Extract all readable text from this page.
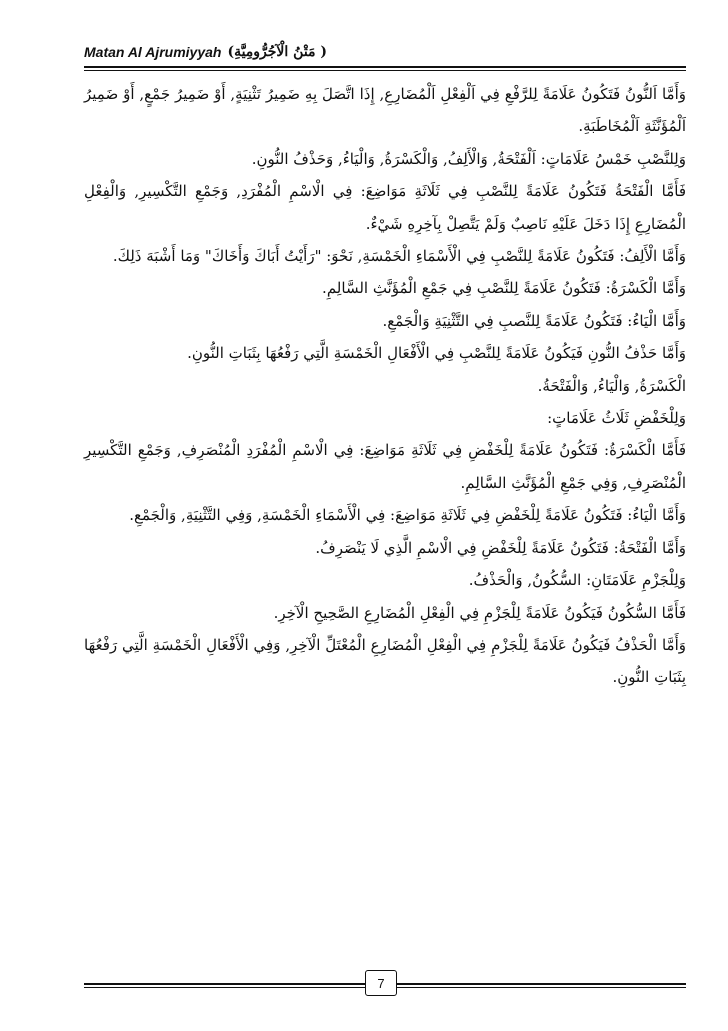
Matan Al Ajrumiyyah (مَتْنُ الْآجُرُّومِيَّةِ )

وَأَمَّا اَلنُّونُ فَتَكُونُ عَلَامَةً لِلرَّفْعِ فِي اَلْفِعْلِ اَلْمُضَارِعِ, إِذَا اتَّصَلَ بِهِ ضَمِيرُ تَثْنِيَةٍ, أَوْ ضَمِيرُ جَمْعٍ, أَوْ ضَمِيرُ اَلْمُؤَنَّثَةِ اَلْمُخَاطَبَةِ.

وَلِلنَّصْبِ خَمْسُ عَلَامَاتٍ: اَلْفَتْحَةُ, وَالْأَلِفُ, وَالْكَسْرَةُ, وَالْيَاءُ, وَحَذْفُ النُّونِ.

فَأَمَّا الْفَتْحَةُ فَتَكُونُ عَلَامَةً لِلنَّصْبِ فِي ثَلَاثَةِ مَوَاضِعَ: فِي الْاسْمِ الْمُفْرَدِ, وَجَمْعِ التَّكْسِيرِ, وَالْفِعْلِ الْمُضَارِعِ إِذَا دَخَلَ عَلَيْهِ نَاصِبٌ وَلَمْ يَتَّصِلْ بِآخِرِهِ شَيْءٌ.

وَأَمَّا الْأَلِفُ: فَتَكُونُ عَلَامَةً لِلنَّصْبِ فِي الْأَسْمَاءِ الْخَمْسَةِ, نَحْوَ: "رَأَيْتُ أَبَاكَ وَأَخَاكَ" وَمَا أَشْبَهَ ذَلِكَ.

وَأَمَّا الْكَسْرَةُ: فَتَكُونُ عَلَامَةً لِلنَّصْبِ فِي جَمْعِ الْمُؤَنَّثِ السَّالِمِ.

وَأَمَّا الْيَاءُ: فَتَكُونُ عَلَامَةً لِلنَّصبِ فِي التَّثْنِيَةِ وَالْجَمْعِ.

وَأَمَّا حَذْفُ النُّونِ فَيَكُونُ عَلَامَةً لِلنَّصْبِ فِي الْأَفْعَالِ الْخَمْسَةِ الَّتِي رَفْعُهَا بِثَبَاتِ النُّونِ.

الْكَسْرَةُ, وَالْيَاءُ, وَالْفَتْحَةُ.

وَلِلْخَفْضِ ثَلَاثُ عَلَامَاتٍ:

فَأَمَّا الْكَسْرَةُ: فَتَكُونُ عَلَامَةً لِلْخَفْضِ فِي ثَلَاثَةِ مَوَاضِعَ: فِي الْاسْمِ الْمُفْرَدِ الْمُنْصَرِفِ, وَجَمْعِ التَّكْسِيرِ الْمُنْصَرِفِ, وَفِي جَمْعِ الْمُؤَنَّثِ السَّالِمِ.

وَأَمَّا الْيَاءُ: فَتَكُونُ عَلَامَةً لِلْخَفْضِ فِي ثَلَاثَةِ مَوَاضِعَ: فِي الْأَسْمَاءِ الْخَمْسَةِ, وَفِي التَّثْنِيَةِ, وَالْجَمْعِ.

وَأَمَّا الْفَتْحَةُ: فَتَكُونُ عَلَامَةً لِلْخَفْضِ فِي الْاسْمِ الَّذِي لَا يَنْصَرِفُ.

وَلِلْجَزْمِ عَلَامَتَانِ: السُّكُونُ, وَالْحَذْفُ.

فَأَمَّا السُّكُونُ فَيَكُونُ عَلَامَةً لِلْجَزْمِ فِي الْفِعْلِ الْمُضَارِعِ الصَّحِيحِ الْآخِرِ.

وَأَمَّا الْحَذْفُ فَيَكُونُ عَلَامَةً لِلْجَزْمِ فِي الْفِعْلِ الْمُضَارِعِ الْمُعْتَلِّ الْآخِرِ, وَفِي الْأَفْعَالِ الْخَمْسَةِ الَّتِي رَفْعُهَا بِثَبَاتِ النُّونِ.

7
